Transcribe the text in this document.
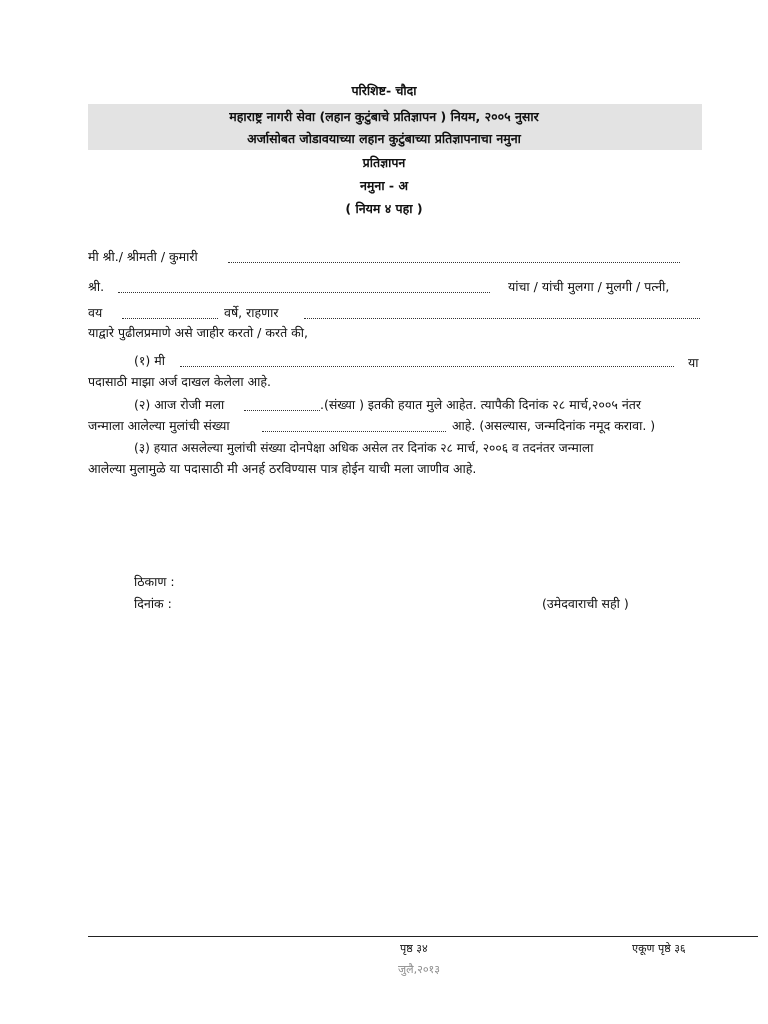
परिशिष्ट- चौदा
महाराष्ट्र नागरी सेवा (लहान कुटुंबाचे प्रतिज्ञापन ) नियम, २००५ नुसार
अर्जासोबत जोडावयाच्या लहान कुटुंबाच्या प्रतिज्ञापनाचा नमुना
प्रतिज्ञापन
नमुना - अ
( नियम ४ पहा )
मी श्री./ श्रीमती / कुमारी
श्री.	यांचा / यांची मुलगा / मुलगी / पत्नी,
वय	वर्षे, राहणार
याद्वारे पुढीलप्रमाणे असे जाहीर करतो / करते की,
(१) मी	या
पदासाठी माझा अर्ज दाखल केलेला आहे.
(२) आज रोजी मला	.(संख्या ) इतकी हयात मुले आहेत. त्यापैकी दिनांक २८ मार्च,२००५ नंतर
जन्माला आलेल्या मुलांची संख्या	आहे. (असल्यास, जन्मदिनांक नमूद करावा. )
(३) हयात असलेल्या मुलांची संख्या दोनपेक्षा अधिक असेल तर दिनांक २८ मार्च, २००६ व तदनंतर जन्माला
आलेल्या मुलामुळे या पदासाठी मी अनर्ह ठरविण्यास पात्र होईन याची मला जाणीव आहे.
ठिकाण :
दिनांक :	(उमेदवाराची सही )
पृष्ठ ३४	एकूण पृष्ठे ३६
जुलै,२०१३
